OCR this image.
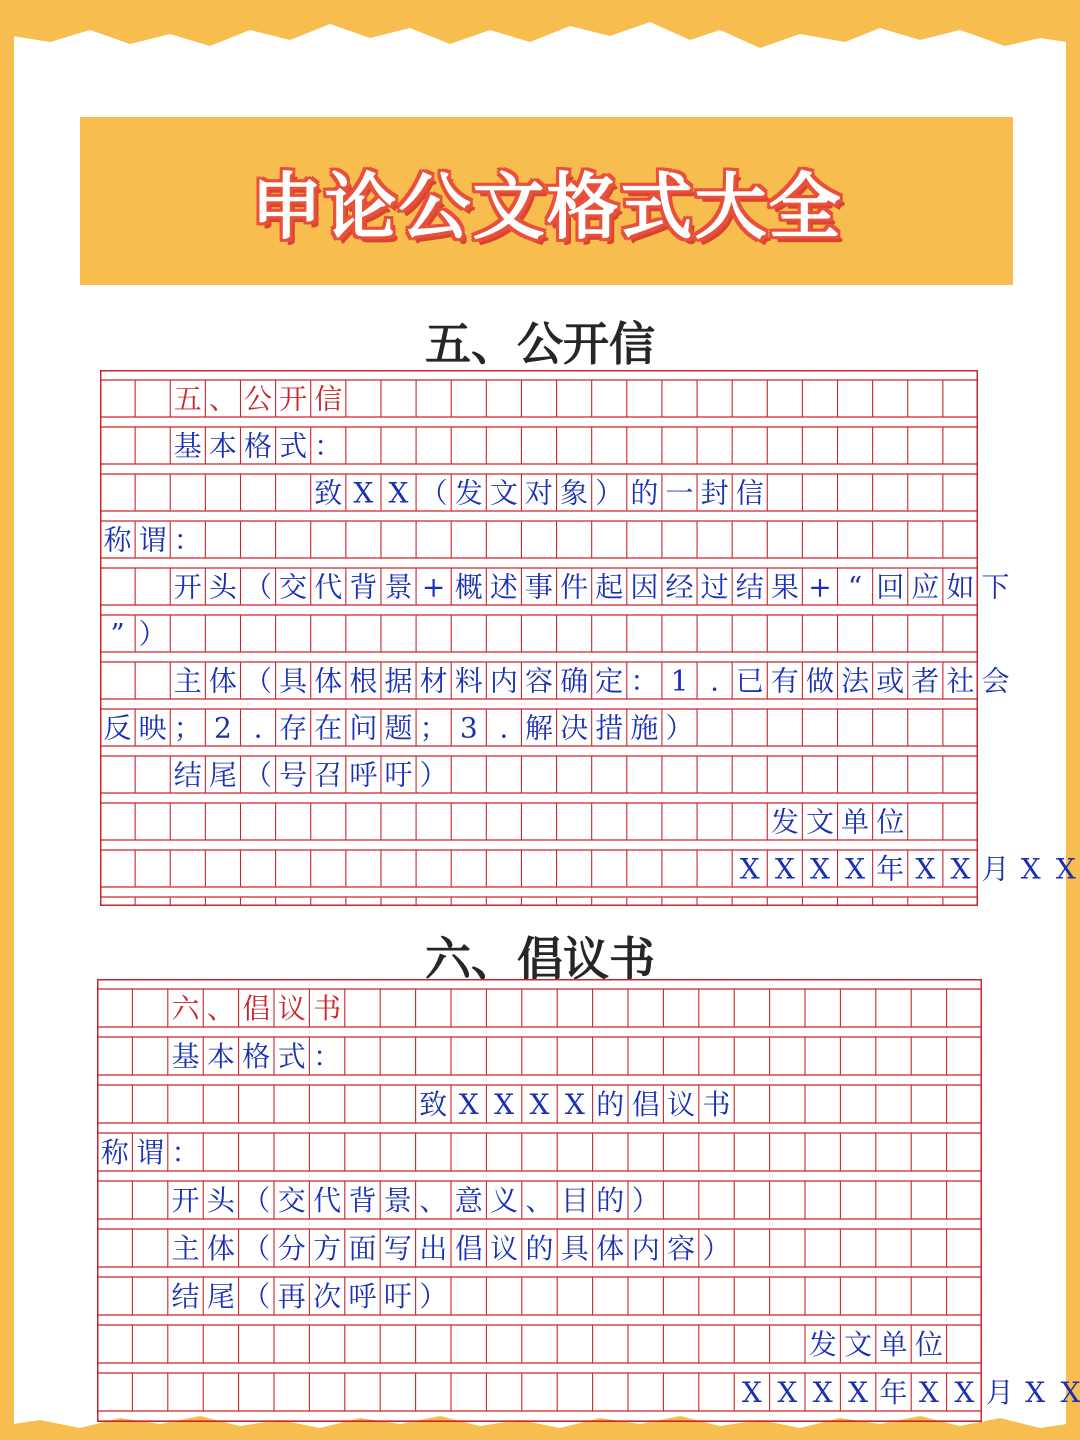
申论公文格式大全
五、公开信
五 、 公 开 信
基 本 格 式 ：
致 X X （ 发 文 对 象 ） 的 一 封 信
称 谓 ：
开 头 （ 交 代 背 景 + 概 述 事 件 起 因 经 过 结 果 + “ 回 应 如 下
” ）
主 体 （ 具 体 根 据 材 料 内 容 确 定 ： 1 . 已 有 做 法 或 者 社 会
反 映 ； 2 . 存 在 问 题 ； 3 . 解 决 措 施 ）
结 尾 （ 号 召 呼 吁 ）
发 文 单 位
X X X X 年 X X 月 X X
六、倡议书
六 、 倡 议 书
基 本 格 式 ：
致 X X X X 的 倡 议 书
称 谓 ：
开 头 （ 交 代 背 景 、 意 义 、 目 的 ）
主 体 （ 分 方 面 写 出 倡 议 的 具 体 内 容 ）
结 尾 （ 再 次 呼 吁 ）
发 文 单 位
X X X X 年 X X 月 X X
